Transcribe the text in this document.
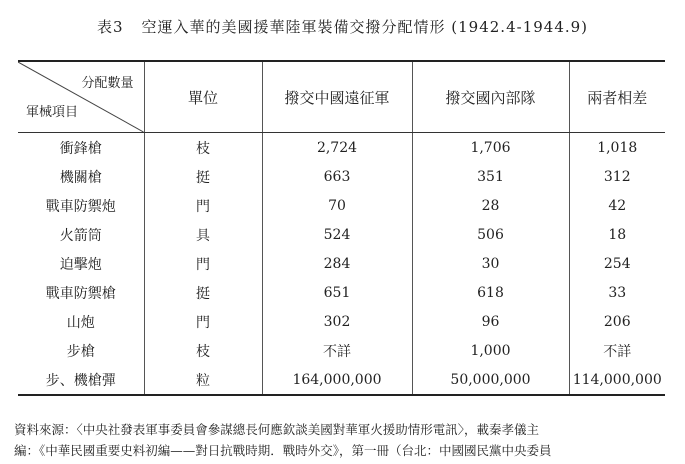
表3 空運入華的美國援華陸軍裝備交撥分配情形 (1942.4-1944.9)
分配數量
軍械項目	單位	撥交中國遠征軍	撥交國內部隊	兩者相差
衝鋒槍	枝	2,724	1,706	1,018
機關槍	挺	663	351	312
戰車防禦炮	門	70	28	42
火箭筒	具	524	506	18
迫擊炮	門	284	30	254
戰車防禦槍	挺	651	618	33
山炮	門	302	96	206
步槍	枝	不詳	1,000	不詳
步、機槍彈	粒	164,000,000	50,000,000	114,000,000
資料來源：〈中央社發表軍事委員會參謀總長何應欽談美國對華軍火援助情形電訊〉，載秦孝儀主
編：《中華民國重要史料初編——對日抗戰時期．戰時外交》，第一冊（台北：中國國民黨中央委員
